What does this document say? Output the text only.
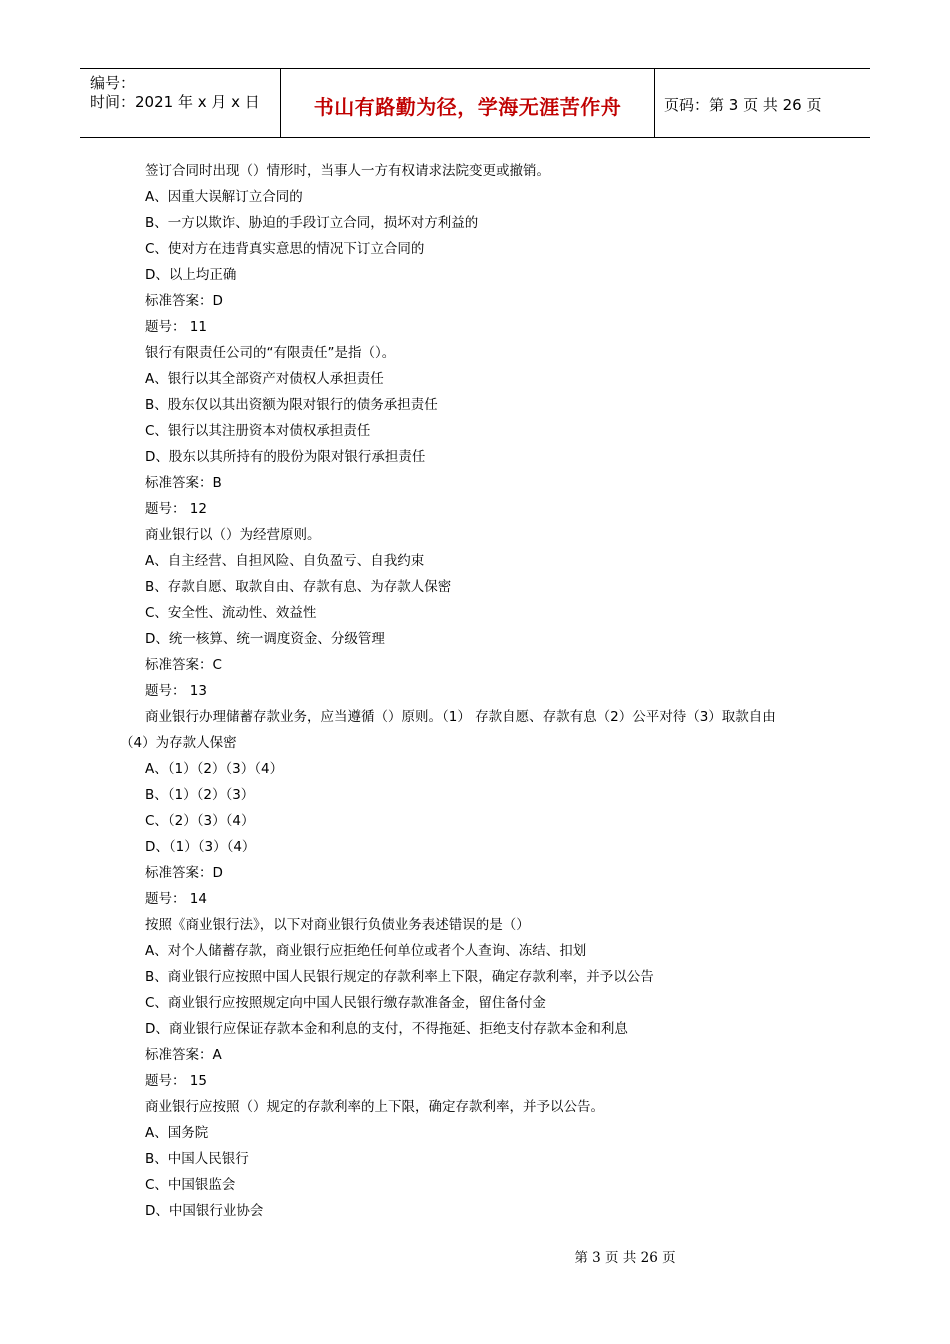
编号：
时间：2021 年 x 月 x 日	书山有路勤为径，学海无涯苦作舟	页码：第 3 页 共 26 页
签订合同时出现（）情形时，当事人一方有权请求法院变更或撤销。
A、因重大误解订立合同的
B、一方以欺诈、胁迫的手段订立合同，损坏对方利益的
C、使对方在违背真实意思的情况下订立合同的
D、以上均正确
标准答案：D
题号： 11
银行有限责任公司的“有限责任”是指（）。
A、银行以其全部资产对债权人承担责任
B、股东仅以其出资额为限对银行的债务承担责任
C、银行以其注册资本对债权承担责任
D、股东以其所持有的股份为限对银行承担责任
标准答案：B
题号： 12
商业银行以（）为经营原则。
A、自主经营、自担风险、自负盈亏、自我约束
B、存款自愿、取款自由、存款有息、为存款人保密
C、安全性、流动性、效益性
D、统一核算、统一调度资金、分级管理
标准答案：C
题号： 13
商业银行办理储蓄存款业务，应当遵循（）原则。（1） 存款自愿、存款有息（2）公平对待（3）取款自由
（4）为存款人保密
A、（1）（2）（3）（4）
B、（1）（2）（3）
C、（2）（3）（4）
D、（1）（3）（4）
标准答案：D
题号： 14
按照《商业银行法》，以下对商业银行负债业务表述错误的是（）
A、对个人储蓄存款，商业银行应拒绝任何单位或者个人查询、冻结、扣划
B、商业银行应按照中国人民银行规定的存款利率上下限，确定存款利率，并予以公告
C、商业银行应按照规定向中国人民银行缴存款准备金，留住备付金
D、商业银行应保证存款本金和利息的支付，不得拖延、拒绝支付存款本金和利息
标准答案：A
题号： 15
商业银行应按照（）规定的存款利率的上下限，确定存款利率，并予以公告。
A、国务院
B、中国人民银行
C、中国银监会
D、中国银行业协会
第 3 页 共 26 页
